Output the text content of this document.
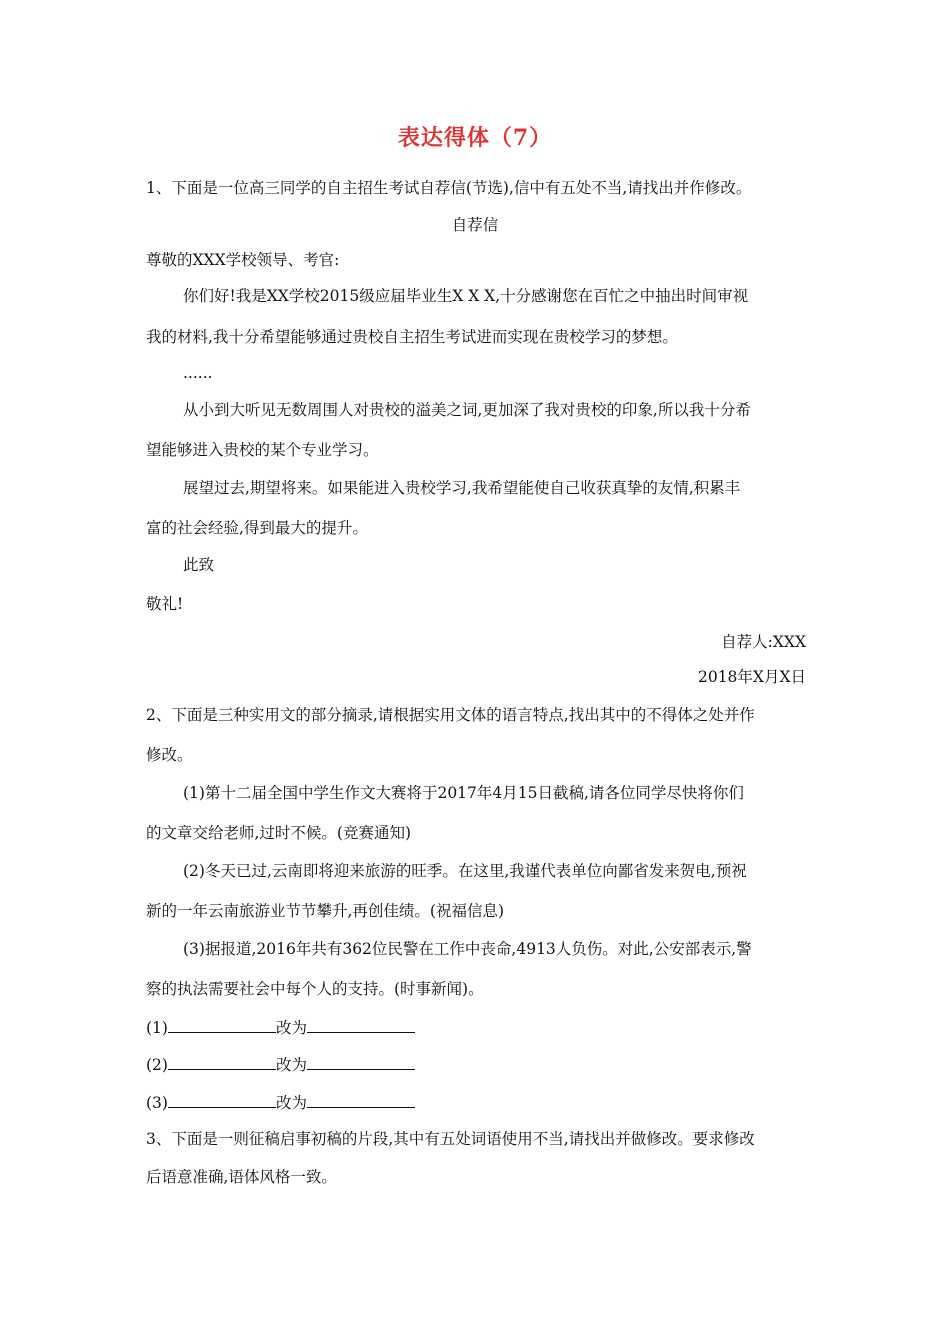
表达得体（7）
1、下面是一位高三同学的自主招生考试自荐信(节选),信中有五处不当,请找出并作修改。
自荐信
尊敬的XXX学校领导、考官:
你们好!我是XX学校2015级应届毕业生X X X,十分感谢您在百忙之中抽出时间审视
我的材料,我十分希望能够通过贵校自主招生考试进而实现在贵校学习的梦想。
......
从小到大听见无数周围人对贵校的溢美之词,更加深了我对贵校的印象,所以我十分希
望能够进入贵校的某个专业学习。
展望过去,期望将来。如果能进入贵校学习,我希望能使自己收获真挚的友情,积累丰
富的社会经验,得到最大的提升。
此致
敬礼!
自荐人:XXX
2018年X月X日
2、下面是三种实用文的部分摘录,请根据实用文体的语言特点,找出其中的不得体之处并作
修改。
(1)第十二届全国中学生作文大赛将于2017年4月15日截稿,请各位同学尽快将你们
的文章交给老师,过时不候。(竞赛通知)
(2)冬天已过,云南即将迎来旅游的旺季。在这里,我谨代表单位向鄙省发来贺电,预祝
新的一年云南旅游业节节攀升,再创佳绩。(祝福信息)
(3)据报道,2016年共有362位民警在工作中丧命,4913人负伤。对此,公安部表示,警
察的执法需要社会中每个人的支持。(时事新闻)。
(1)	改为
(2)	改为
(3)	改为
3、下面是一则征稿启事初稿的片段,其中有五处词语使用不当,请找出并做修改。要求修改
后语意准确,语体风格一致。
